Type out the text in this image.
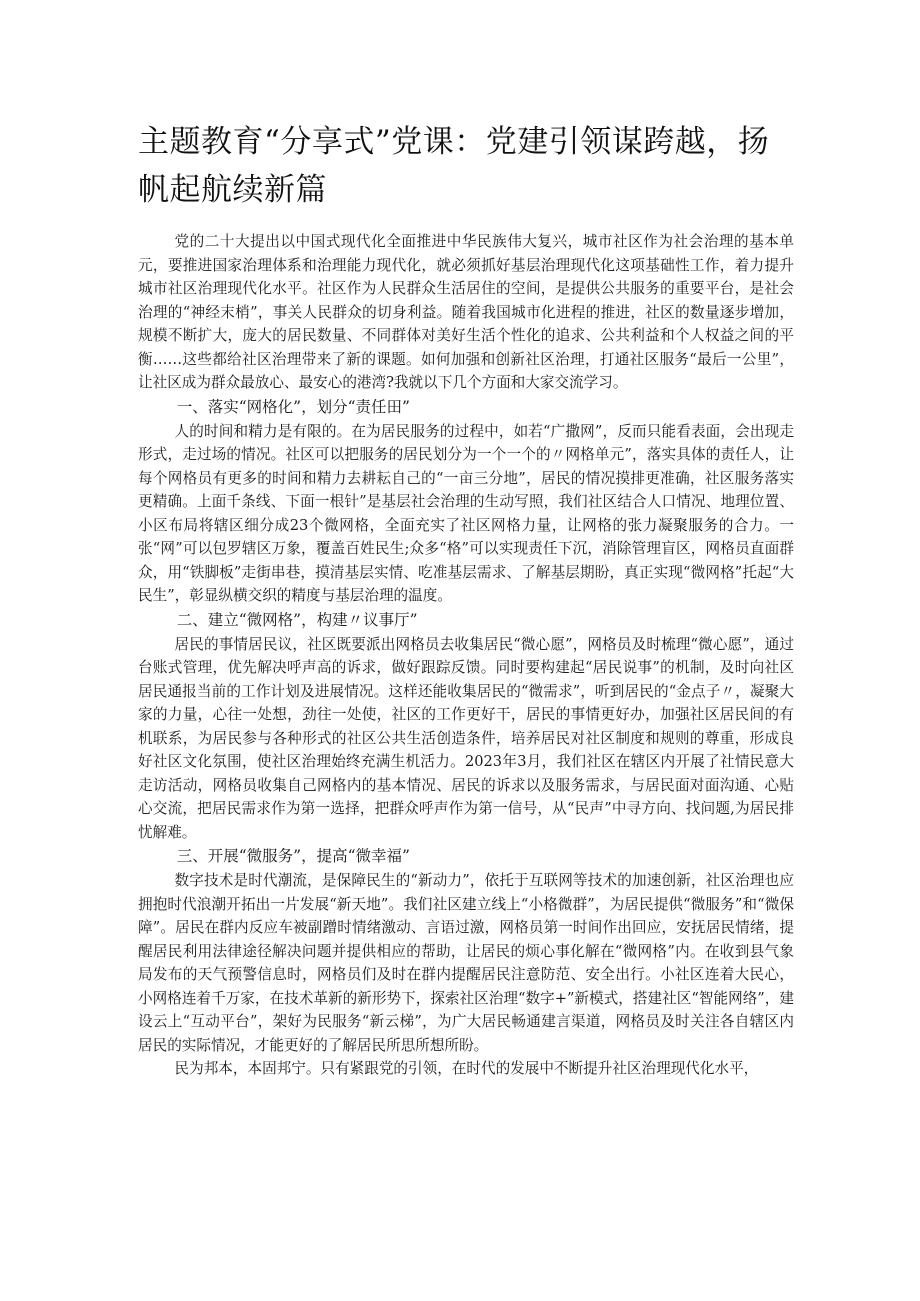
主题教育“分享式”党课：党建引领谋跨越，扬帆起航续新篇

党的二十大提出以中国式现代化全面推进中华民族伟大复兴，城市社区作为社会治理的基本单元，要推进国家治理体系和治理能力现代化，就必须抓好基层治理现代化这项基础性工作，着力提升城市社区治理现代化水平。社区作为人民群众生活居住的空间，是提供公共服务的重要平台，是社会治理的“神经末梢”，事关人民群众的切身利益。随着我国城市化进程的推进，社区的数量逐步增加，规模不断扩大，庞大的居民数量、不同群体对美好生活个性化的追求、公共利益和个人权益之间的平衡……这些都给社区治理带来了新的课题。如何加强和创新社区治理，打通社区服务“最后一公里”，让社区成为群众最放心、最安心的港湾?我就以下几个方面和大家交流学习。

一、落实“网格化”，划分“责任田”

人的时间和精力是有限的。在为居民服务的过程中，如若“广撒网”，反而只能看表面，会出现走形式，走过场的情况。社区可以把服务的居民划分为一个一个的〃网格单元”，落实具体的责任人，让每个网格员有更多的时间和精力去耕耘自己的“一亩三分地”，居民的情况摸排更准确，社区服务落实更精确。上面千条线、下面一根针”是基层社会治理的生动写照，我们社区结合人口情况、地理位置、小区布局将辖区细分成23个微网格，全面充实了社区网格力量，让网格的张力凝聚服务的合力。一张“网”可以包罗辖区万象，覆盖百姓民生;众多“格”可以实现责任下沉，消除管理盲区，网格员直面群众，用“铁脚板”走街串巷，摸清基层实情、吃准基层需求、了解基层期盼，真正实现“微网格”托起“大民生”，彰显纵横交织的精度与基层治理的温度。

二、建立“微网格”，构建〃议事厅”

居民的事情居民议，社区既要派出网格员去收集居民“微心愿”，网格员及时梳理“微心愿”，通过台账式管理，优先解决呼声高的诉求，做好跟踪反馈。同时要构建起“居民说事”的机制，及时向社区居民通报当前的工作计划及进展情况。这样还能收集居民的“微需求”，听到居民的“金点子〃，凝聚大家的力量，心往一处想，劲往一处使，社区的工作更好干，居民的事情更好办，加强社区居民间的有机联系，为居民参与各种形式的社区公共生活创造条件，培养居民对社区制度和规则的尊重，形成良好社区文化氛围，使社区治理始终充满生机活力。2023年3月，我们社区在辖区内开展了社情民意大走访活动，网格员收集自己网格内的基本情况、居民的诉求以及服务需求，与居民面对面沟通、心贴心交流，把居民需求作为第一选择，把群众呼声作为第一信号，从“民声”中寻方向、找问题,为居民排忧解难。

三、开展“微服务”，提高“微幸福”

数字技术是时代潮流，是保障民生的“新动力”，依托于互联网等技术的加速创新，社区治理也应拥抱时代浪潮开拓出一片发展“新天地”。我们社区建立线上“小格微群”，为居民提供“微服务”和“微保障”。居民在群内反应车被副蹭时情绪激动、言语过激，网格员第一时间作出回应，安抚居民情绪，提醒居民利用法律途径解决问题并提供相应的帮助，让居民的烦心事化解在“微网格”内。在收到县气象局发布的天气预警信息时，网格员们及时在群内提醒居民注意防范、安全出行。小社区连着大民心，小网格连着千万家，在技术革新的新形势下，探索社区治理“数字+”新模式，搭建社区“智能网络”，建设云上“互动平台”，架好为民服务“新云梯”，为广大居民畅通建言渠道，网格员及时关注各自辖区内居民的实际情况，才能更好的了解居民所思所想所盼。

民为邦本，本固邦宁。只有紧跟党的引领，在时代的发展中不断提升社区治理现代化水平，
